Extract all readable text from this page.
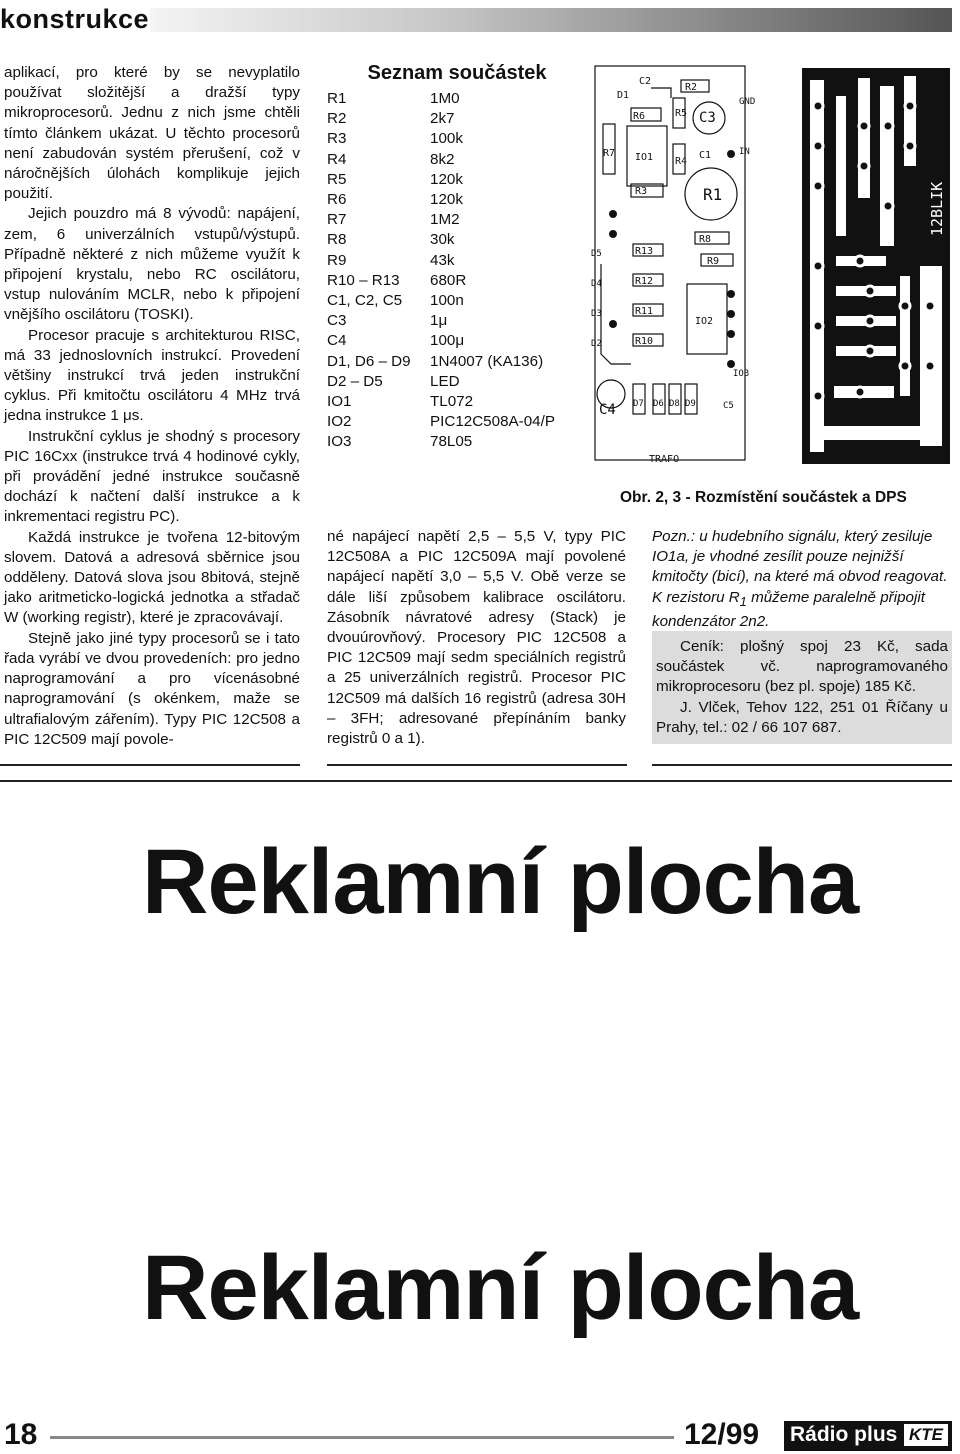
konstrukce

aplikací, pro které by se nevyplatilo používat složitější a dražší typy mikroprocesorů. Jednu z nich jsme chtěli tímto článkem ukázat. U těchto procesorů není zabudován systém přerušení, což v náročnějších úlohách komplikuje jejich použití.

Jejich pouzdro má 8 vývodů: napájení, zem, 6 univerzálních vstupů/výstupů. Případně některé z nich můžeme využít k připojení krystalu, nebo RC oscilátoru, vstup nulováním MCLR, nebo k připojení vnějšího oscilátoru (TOSKI).

Procesor pracuje s architekturou RISC, má 33 jednoslovních instrukcí. Provedení většiny instrukcí trvá jeden instrukční cyklus. Při kmitočtu oscilátoru 4 MHz trvá jedna instrukce 1 μs.

Instrukční cyklus je shodný s procesory PIC 16Cxx (instrukce trvá 4 hodinové cykly, při provádění jedné instrukce současně dochází k načtení další instrukce a k inkrementaci registru PC).

Každá instrukce je tvořena 12-bitovým slovem. Datová a adresová sběrnice jsou odděleny. Datová slova jsou 8bitová, stejně jako aritmeticko-logická jednotka a střadač W (working registr), které je zpracovávají.

Stejně jako jiné typy procesorů se i tato řada vyrábí ve dvou provedeních: pro jedno naprogramování a pro vícenásobné naprogramování (s okénkem, maže se ultrafialovým zářením). Typy PIC 12C508 a PIC 12C509 mají povole-

Seznam součástek
R1	1M0
R2	2k7
R3	100k
R4	8k2
R5	120k
R6	120k
R7	1M2
R8	30k
R9	43k
R10 – R13	680R
C1, C2, C5	100n
C3	1μ
C4	100μ
D1, D6 – D9	1N4007 (KA136)
D2 – D5	LED
IO1	TL072
IO2	PIC12C508A-04/P
IO3	78L05
D1
C2
R2
R6	R5 C3
R7 IO1 R4
C1
R3	R1
R8
R9
R13
R12
R11
R10
IO2
D5
D4
D3
D2
C4 D7 D6 D8 D9	C5
IO3
TRAFO
GND
IN
12BLIK
Obr. 2, 3 - Rozmístění součástek a DPS

né napájecí napětí 2,5 – 5,5 V, typy PIC 12C508A a PIC 12C509A mají povolené napájecí napětí 3,0 – 5,5 V. Obě verze se dále liší způsobem kalibrace oscilátoru. Zásobník návratové adresy (Stack) je dvouúrovňový. Procesory PIC 12C508 a PIC 12C509 mají sedm speciálních registrů a 25 univerzálních registrů. Procesor PIC 12C509 má dalších 16 registrů (adresa 30H – 3FH; adresované přepínáním banky registrů 0 a 1).

Pozn.: u hudebního signálu, který zesiluje IO1a, je vhodné zesílit pouze nejnižší kmitočty (bicí), na které má obvod reagovat. K rezistoru $R_1$ můžeme paralelně připojit kondenzátor 2n2.

Ceník: plošný spoj 23 Kč, sada součástek vč. naprogramovaného mikroprocesoru (bez pl. spoje) 185 Kč.

J. Vlček, Tehov 122, 251 01 Říčany u Prahy, tel.: 02 / 66 107 687.

Reklamní plocha
Reklamní plocha
18	12/99 Rádio plus KTE
